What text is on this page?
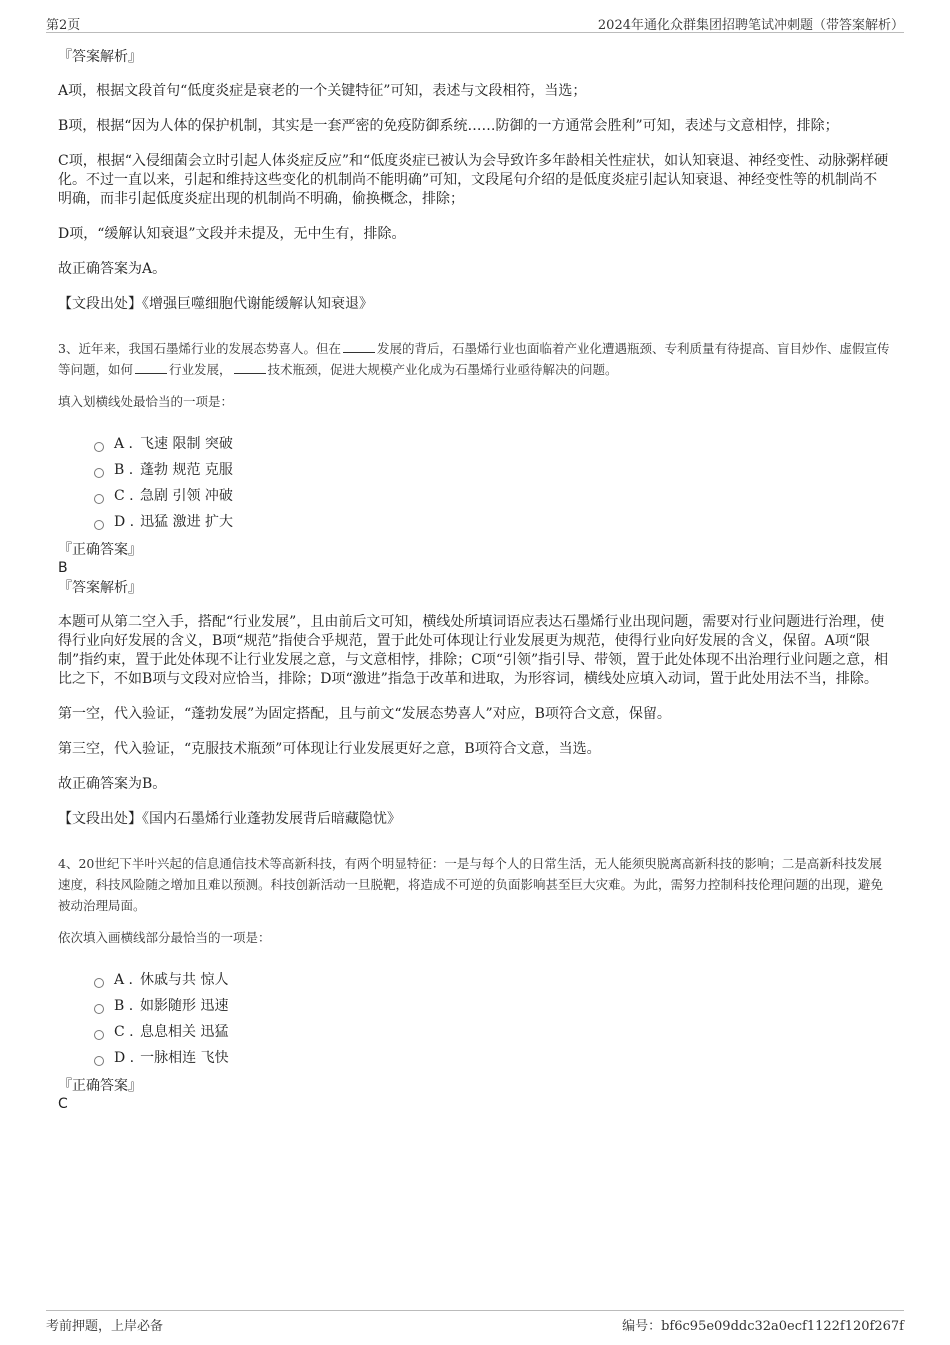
第2页	2024年通化众群集团招聘笔试冲刺题（带答案解析）

『答案解析』

A项，根据文段首句“低度炎症是衰老的一个关键特征”可知，表述与文段相符，当选；

B项，根据“因为人体的保护机制，其实是一套严密的免疫防御系统……防御的一方通常会胜利”可知，表述与文意相悖，排除；

C项，根据“入侵细菌会立时引起人体炎症反应”和“低度炎症已被认为会导致许多年龄相关性症状，如认知衰退、神经变性、动脉粥样硬化。不过一直以来，引起和维持这些变化的机制尚不能明确”可知，文段尾句介绍的是低度炎症引起认知衰退、神经变性等的机制尚不明确，而非引起低度炎症出现的机制尚不明确，偷换概念，排除；

D项，“缓解认知衰退”文段并未提及，无中生有，排除。

故正确答案为A。

【文段出处】《增强巨噬细胞代谢能缓解认知衰退》

3、近年来，我国石墨烯行业的发展态势喜人。但在	发展的背后，石墨烯行业也面临着产业化遭遇瓶颈、专利质量有待提高、盲目炒作、虚假宣传等问题，如何	行业发展，	技术瓶颈，促进大规模产业化成为石墨烯行业亟待解决的问题。

填入划横线处最恰当的一项是：

A . 飞速 限制 突破
B . 蓬勃 规范 克服
C . 急剧 引领 冲破
D . 迅猛 激进 扩大

『正确答案』

B

『答案解析』

本题可从第二空入手，搭配“行业发展”，且由前后文可知，横线处所填词语应表达石墨烯行业出现问题，需要对行业问题进行治理，使得行业向好发展的含义，B项“规范”指使合乎规范，置于此处可体现让行业发展更为规范，使得行业向好发展的含义，保留。A项“限制”指约束，置于此处体现不让行业发展之意，与文意相悖，排除；C项“引领”指引导、带领，置于此处体现不出治理行业问题之意，相比之下，不如B项与文段对应恰当，排除；D项“激进”指急于改革和进取，为形容词，横线处应填入动词，置于此处用法不当，排除。

第一空，代入验证，“蓬勃发展”为固定搭配，且与前文“发展态势喜人”对应，B项符合文意，保留。

第三空，代入验证，“克服技术瓶颈”可体现让行业发展更好之意，B项符合文意，当选。

故正确答案为B。

【文段出处】《国内石墨烯行业蓬勃发展背后暗藏隐忧》

4、20世纪下半叶兴起的信息通信技术等高新科技，有两个明显特征：一是与每个人的日常生活，无人能须臾脱离高新科技的影响；二是高新科技发展速度，科技风险随之增加且难以预测。科技创新活动一旦脱靶，将造成不可逆的负面影响甚至巨大灾难。为此，需努力控制科技伦理问题的出现，避免被动治理局面。

依次填入画横线部分最恰当的一项是：

A . 休戚与共 惊人
B . 如影随形 迅速
C . 息息相关 迅猛
D . 一脉相连 飞快

『正确答案』

C

考前押题，上岸必备	编号：bf6c95e09ddc32a0ecf1122f120f267f
